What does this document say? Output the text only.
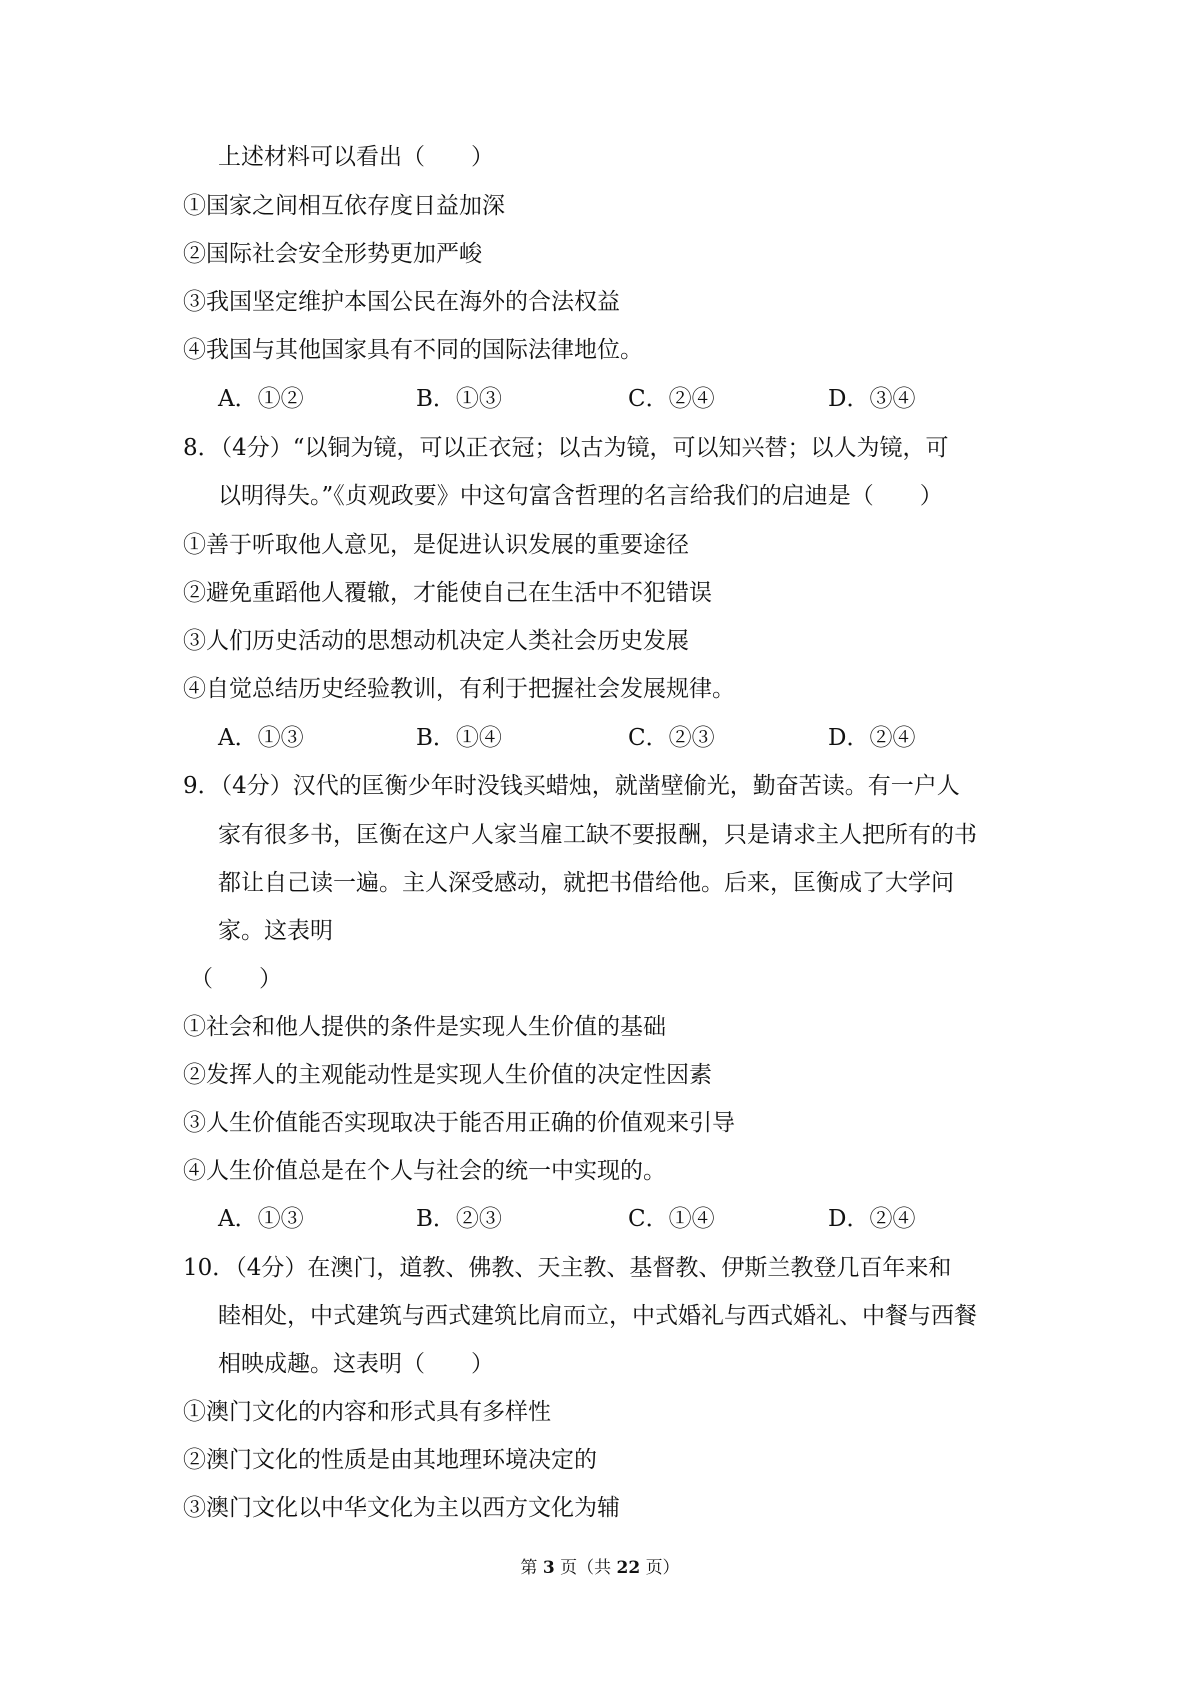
上述材料可以看出（　　）
①国家之间相互依存度日益加深
②国际社会安全形势更加严峻
③我国坚定维护本国公民在海外的合法权益
④我国与其他国家具有不同的国际法律地位。
A．①②	B．①③	C．②④	D．③④
8．（4分）“以铜为镜，可以正衣冠；以古为镜，可以知兴替；以人为镜，可
以明得失。”《贞观政要》中这句富含哲理的名言给我们的启迪是（　　）
①善于听取他人意见，是促进认识发展的重要途径
②避免重蹈他人覆辙，才能使自己在生活中不犯错误
③人们历史活动的思想动机决定人类社会历史发展
④自觉总结历史经验教训，有利于把握社会发展规律。
A．①③	B．①④	C．②③	D．②④
9．（4分）汉代的匡衡少年时没钱买蜡烛，就凿壁偷光，勤奋苦读。有一户人
家有很多书，匡衡在这户人家当雇工缺不要报酬，只是请求主人把所有的书
都让自己读一遍。主人深受感动，就把书借给他。后来，匡衡成了大学问
家。这表明
（　　）
①社会和他人提供的条件是实现人生价值的基础
②发挥人的主观能动性是实现人生价值的决定性因素
③人生价值能否实现取决于能否用正确的价值观来引导
④人生价值总是在个人与社会的统一中实现的。
A．①③	B．②③	C．①④	D．②④
10．（4分）在澳门，道教、佛教、天主教、基督教、伊斯兰教登几百年来和
睦相处，中式建筑与西式建筑比肩而立，中式婚礼与西式婚礼、中餐与西餐
相映成趣。这表明（　　）
①澳门文化的内容和形式具有多样性
②澳门文化的性质是由其地理环境决定的
③澳门文化以中华文化为主以西方文化为辅
第 3 页（共 22 页）
